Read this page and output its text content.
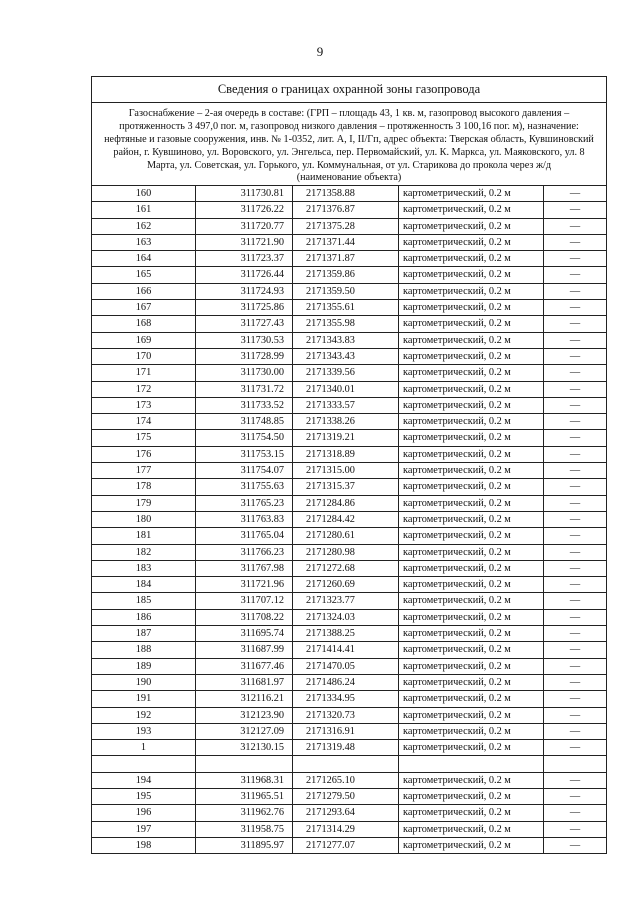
9
Сведения о границах охранной зоны газопровода
Газоснабжение – 2-ая очередь в составе: (ГРП – площадь 43, 1 кв. м, газопровод высокого давления – протяженность 3 497,0 пог. м, газопровод низкого давления – протяженность 3 100,16 пог. м), назначение: нефтяные и газовые сооружения, инв. № 1-0352, лит. А, I, II/Гп, адрес объекта: Тверская область, Кувшиновский район, г. Кувшиново, ул. Воровского, ул. Энгельса, пер. Первомайский, ул. К. Маркса, ул. Маяковского, ул. 8 Марта, ул. Советская, ул. Горького, ул. Коммунальная, от ул. Старикова до проколa через ж/д
(наименование объекта)
160	311730.81	2171358.88	картометрический, 0.2 м	—
161	311726.22	2171376.87	картометрический, 0.2 м	—
162	311720.77	2171375.28	картометрический, 0.2 м	—
163	311721.90	2171371.44	картометрический, 0.2 м	—
164	311723.37	2171371.87	картометрический, 0.2 м	—
165	311726.44	2171359.86	картометрический, 0.2 м	—
166	311724.93	2171359.50	картометрический, 0.2 м	—
167	311725.86	2171355.61	картометрический, 0.2 м	—
168	311727.43	2171355.98	картометрический, 0.2 м	—
169	311730.53	2171343.83	картометрический, 0.2 м	—
170	311728.99	2171343.43	картометрический, 0.2 м	—
171	311730.00	2171339.56	картометрический, 0.2 м	—
172	311731.72	2171340.01	картометрический, 0.2 м	—
173	311733.52	2171333.57	картометрический, 0.2 м	—
174	311748.85	2171338.26	картометрический, 0.2 м	—
175	311754.50	2171319.21	картометрический, 0.2 м	—
176	311753.15	2171318.89	картометрический, 0.2 м	—
177	311754.07	2171315.00	картометрический, 0.2 м	—
178	311755.63	2171315.37	картометрический, 0.2 м	—
179	311765.23	2171284.86	картометрический, 0.2 м	—
180	311763.83	2171284.42	картометрический, 0.2 м	—
181	311765.04	2171280.61	картометрический, 0.2 м	—
182	311766.23	2171280.98	картометрический, 0.2 м	—
183	311767.98	2171272.68	картометрический, 0.2 м	—
184	311721.96	2171260.69	картометрический, 0.2 м	—
185	311707.12	2171323.77	картометрический, 0.2 м	—
186	311708.22	2171324.03	картометрический, 0.2 м	—
187	311695.74	2171388.25	картометрический, 0.2 м	—
188	311687.99	2171414.41	картометрический, 0.2 м	—
189	311677.46	2171470.05	картометрический, 0.2 м	—
190	311681.97	2171486.24	картометрический, 0.2 м	—
191	312116.21	2171334.95	картометрический, 0.2 м	—
192	312123.90	2171320.73	картометрический, 0.2 м	—
193	312127.09	2171316.91	картометрический, 0.2 м	—
1	312130.15	2171319.48	картометрический, 0.2 м	—

194	311968.31	2171265.10	картометрический, 0.2 м	—
195	311965.51	2171279.50	картометрический, 0.2 м	—
196	311962.76	2171293.64	картометрический, 0.2 м	—
197	311958.75	2171314.29	картометрический, 0.2 м	—
198	311895.97	2171277.07	картометрический, 0.2 м	—
